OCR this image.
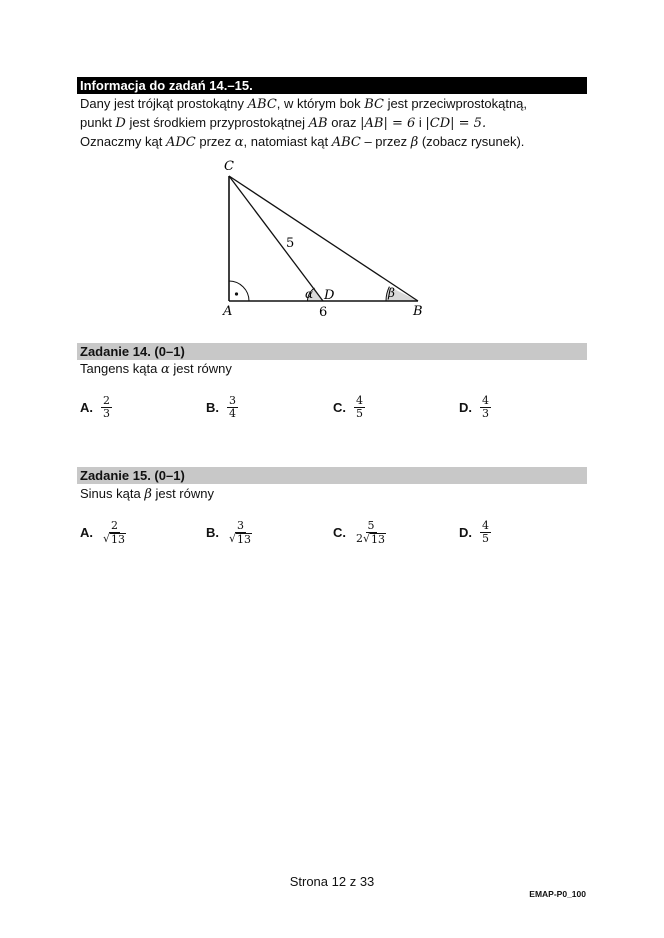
Informacja do zadań 14.–15.
Dany jest trójkąt prostokątny ABC, w którym bok BC jest przeciwprostokątną,
punkt D jest środkiem przyprostokątnej AB oraz |AB| = 6 i |CD| = 5.
Oznaczmy kąt ADC przez α, natomiast kąt ABC – przez β (zobacz rysunek).
C
A	B
D
5
6
α	β
Zadanie 14. (0–1)
Tangens kąta α jest równy
A. $\frac{2}{3}$	B. $\frac{3}{4}$	C. $\frac{4}{5}$	D. $\frac{4}{3}$
Zadanie 15. (0–1)
Sinus kąta β jest równy
A. $\frac{2}{√ 13}$	B. $\frac{3}{√ 13}$	C. $\frac{5}{2 √ 13}$	D. $\frac{4}{5}$
Strona 12 z 33
EMAP-P0_100
